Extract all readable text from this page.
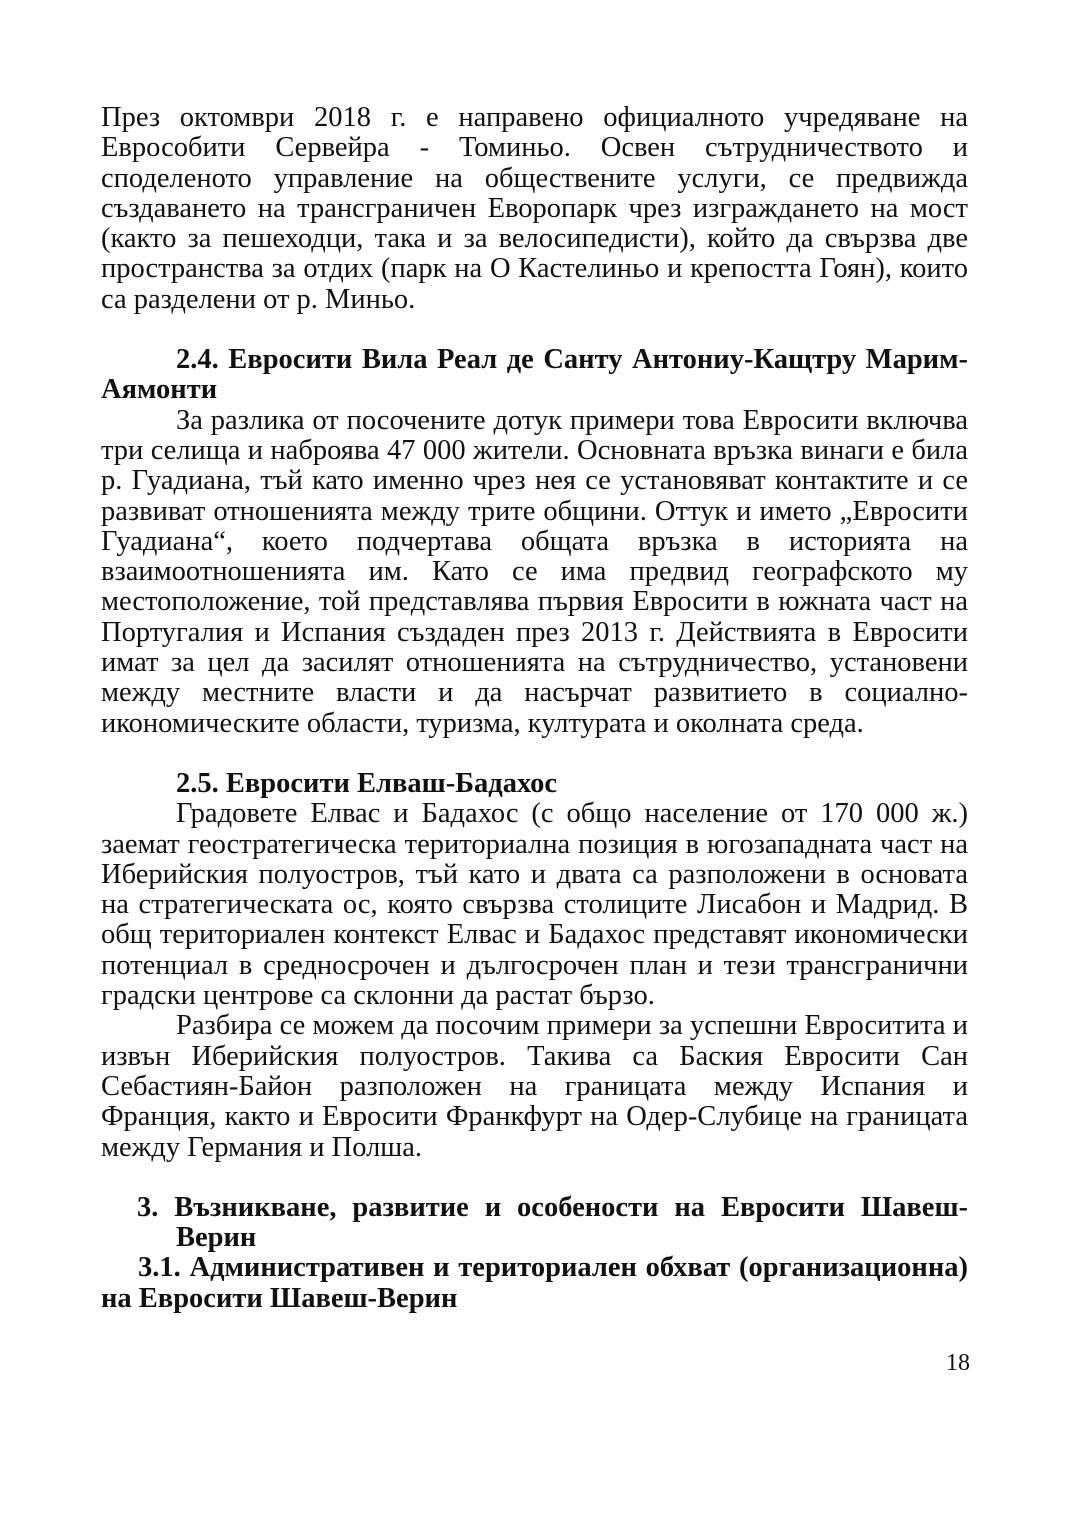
През октомври 2018 г. е направено официалното учредяване на Еврособити Сервейра - Томиньо. Освен сътрудничеството и споделеното управление на обществените услуги, се предвижда създаването на трансграничен Еворопарк чрез изграждането на мост (както за пешеходци, така и за велосипедисти), който да свързва две пространства за отдих (парк на О Кастелиньо и крепостта Гоян), които са разделени от р. Миньо.

2.4. Евросити Вила Реал де Санту Антониу-Кащтру Марим-Аямонти

За разлика от посочените дотук примери това Евросити включва три селища и наброява 47 000 жители. Основната връзка винаги е била р. Гуадиана, тъй като именно чрез нея се установяват контактите и се развиват отношенията между трите общини. Оттук и името „Евросити Гуадиана“, което подчертава общата връзка в историята на взаимоотношенията им. Като се има предвид географското му местоположение, той представлява първия Евросити в южната част на Португалия и Испания създаден през 2013 г. Действията в Евросити имат за цел да засилят отношенията на сътрудничество, установени между местните власти и да насърчат развитието в социално-икономическите области, туризма, културата и околната среда.

2.5. Евросити Елваш-Бадахос

Градовете Елвас и Бадахос (с общо население от 170 000 ж.) заемат геостратегическа териториална позиция в югозападната част на Иберийския полуостров, тъй като и двата са разположени в основата на стратегическата ос, която свързва столиците Лисабон и Мадрид. В общ териториален контекст Елвас и Бадахос представят икономически потенциал в средносрочен и дългосрочен план и тези трансгранични градски центрове са склонни да растат бързо.

Разбира се можем да посочим примери за успешни Евроситита и извън Иберийския полуостров. Такива са Баския Евросити Сан Себастиян-Байон разположен на границата между Испания и Франция, както и Евросити Франкфурт на Одер-Слубице на границата между Германия и Полша.

3. Възникване, развитие и особености на Евросити Шавеш-Верин
3.1. Административен и териториален обхват (организационна) на Евросити Шавеш-Верин
18
